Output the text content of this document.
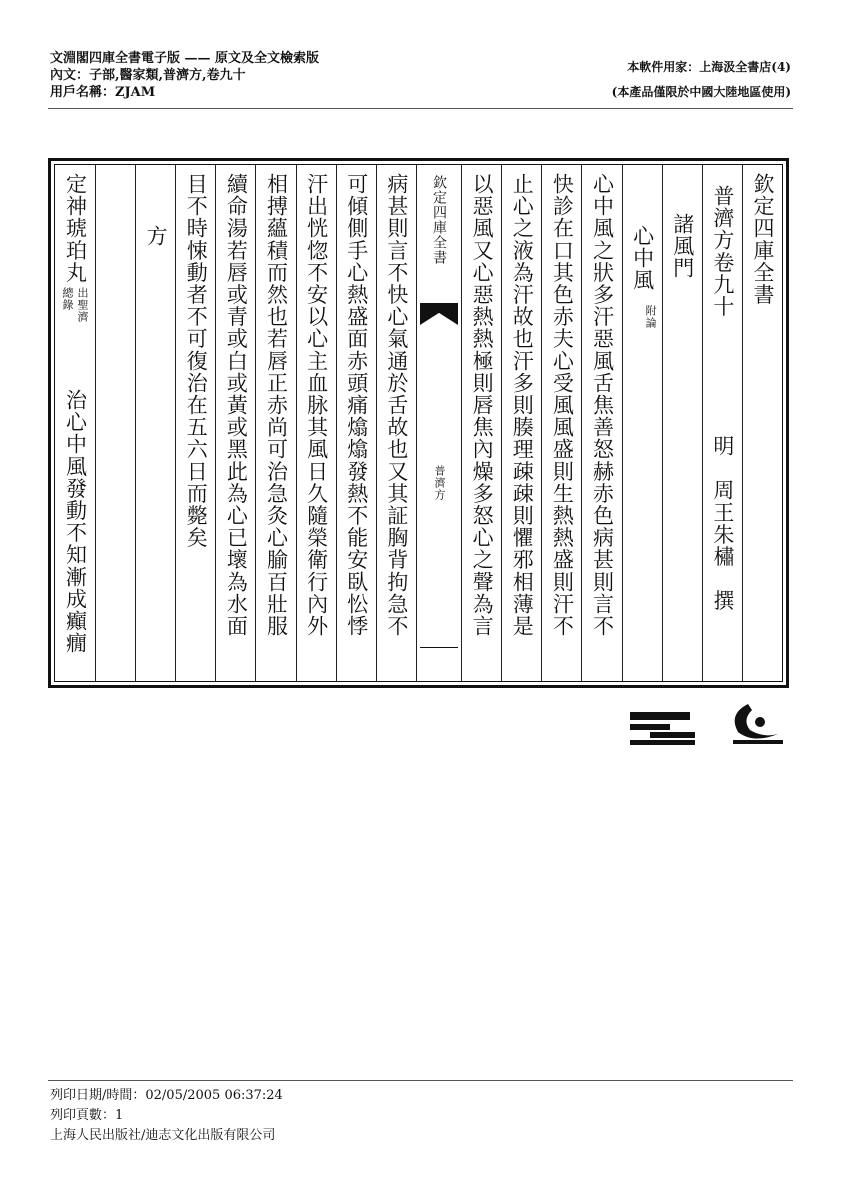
文淵閣四庫全書電子版 —— 原文及全文檢索版
內文：子部,醫家類,普濟方,卷九十
用戶名稱：ZJAM
本軟件用家：上海汲全書店(4)
(本產品僅限於中國大陸地區使用)
欽定四庫全書
普濟方卷九十
明　周王朱橚　撰
諸風門
心中風
附論
心中風之狀多汗惡風舌焦善怒赫赤色病甚則言不
快診在口其色赤夫心受風風盛則生熱熱盛則汗不
止心之液為汗故也汗多則腠理疎疎則懼邪相薄是
以惡風又心惡熱熱極則唇焦內燥多怒心之聲為言
欽定四庫全書
普濟方
病甚則言不快心氣通於舌故也又其証胸背拘急不
可傾側手心熱盛面赤頭痛熻熻發熱不能安臥忪悸
汗出恍惚不安以心主血脉其風日久隨榮衛行內外
相搏蘊積而然也若唇正赤尚可治急灸心腧百壯服
續命湯若唇或青或白或黃或黑此為心已壞為水面
目不時悚動者不可復治在五六日而斃矣
方
定神琥珀丸
出聖濟
總錄
治心中風發動不知漸成癲癇
列印日期/時間：02/05/2005 06:37:24
列印頁數：1
上海人民出版社/迪志文化出版有限公司
